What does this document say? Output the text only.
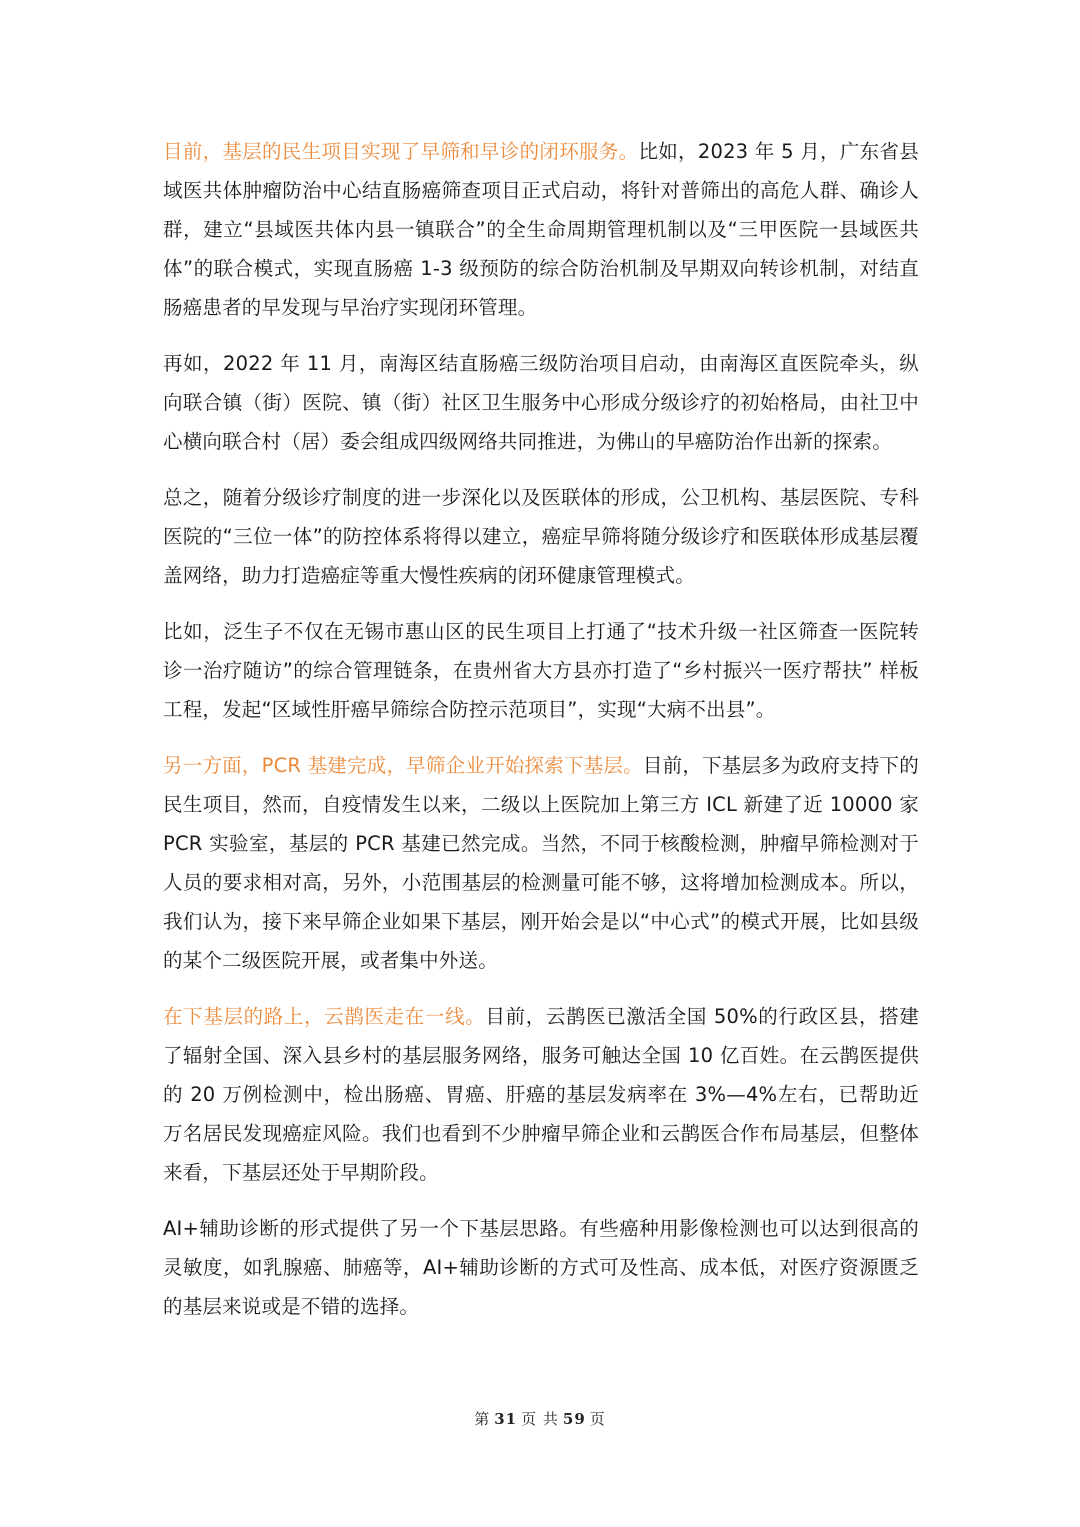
目前，基层的民生项目实现了早筛和早诊的闭环服务。比如，2023 年 5 月，广东省县域医共体肿瘤防治中心结直肠癌筛查项目正式启动，将针对普筛出的高危人群、确诊人群，建立“县域医共体内县一镇联合”的全生命周期管理机制以及“三甲医院一县域医共体”的联合模式，实现直肠癌 1-3 级预防的综合防治机制及早期双向转诊机制，对结直肠癌患者的早发现与早治疗实现闭环管理。

再如，2022 年 11 月，南海区结直肠癌三级防治项目启动，由南海区直医院牵头，纵向联合镇（街）医院、镇（街）社区卫生服务中心形成分级诊疗的初始格局，由社卫中心横向联合村（居）委会组成四级网络共同推进，为佛山的早癌防治作出新的探索。

总之，随着分级诊疗制度的进一步深化以及医联体的形成，公卫机构、基层医院、专科医院的“三位一体”的防控体系将得以建立，癌症早筛将随分级诊疗和医联体形成基层覆盖网络，助力打造癌症等重大慢性疾病的闭环健康管理模式。

比如，泛生子不仅在无锡市惠山区的民生项目上打通了“技术升级一社区筛查一医院转诊一治疗随访”的综合管理链条，在贵州省大方县亦打造了“乡村振兴一医疗帮扶” 样板工程，发起“区域性肝癌早筛综合防控示范项目”，实现“大病不出县”。

另一方面，PCR 基建完成，早筛企业开始探索下基层。目前，下基层多为政府支持下的民生项目，然而，自疫情发生以来，二级以上医院加上第三方 ICL 新建了近 10000 家 PCR 实验室，基层的 PCR 基建已然完成。当然，不同于核酸检测，肿瘤早筛检测对于人员的要求相对高，另外，小范围基层的检测量可能不够，这将增加检测成本。所以，我们认为，接下来早筛企业如果下基层，刚开始会是以“中心式”的模式开展，比如县级的某个二级医院开展，或者集中外送。

在下基层的路上，云鹊医走在一线。目前，云鹊医已激活全国 50%的行政区县，搭建了辐射全国、深入县乡村的基层服务网络，服务可触达全国 10 亿百姓。在云鹊医提供的 20 万例检测中，检出肠癌、胃癌、肝癌的基层发病率在 3%—4%左右，已帮助近万名居民发现癌症风险。我们也看到不少肿瘤早筛企业和云鹊医合作布局基层，但整体来看，下基层还处于早期阶段。

AI+辅助诊断的形式提供了另一个下基层思路。有些癌种用影像检测也可以达到很高的灵敏度，如乳腺癌、肺癌等，AI+辅助诊断的方式可及性高、成本低，对医疗资源匮乏的基层来说或是不错的选择。

第 31 页 共 59 页
